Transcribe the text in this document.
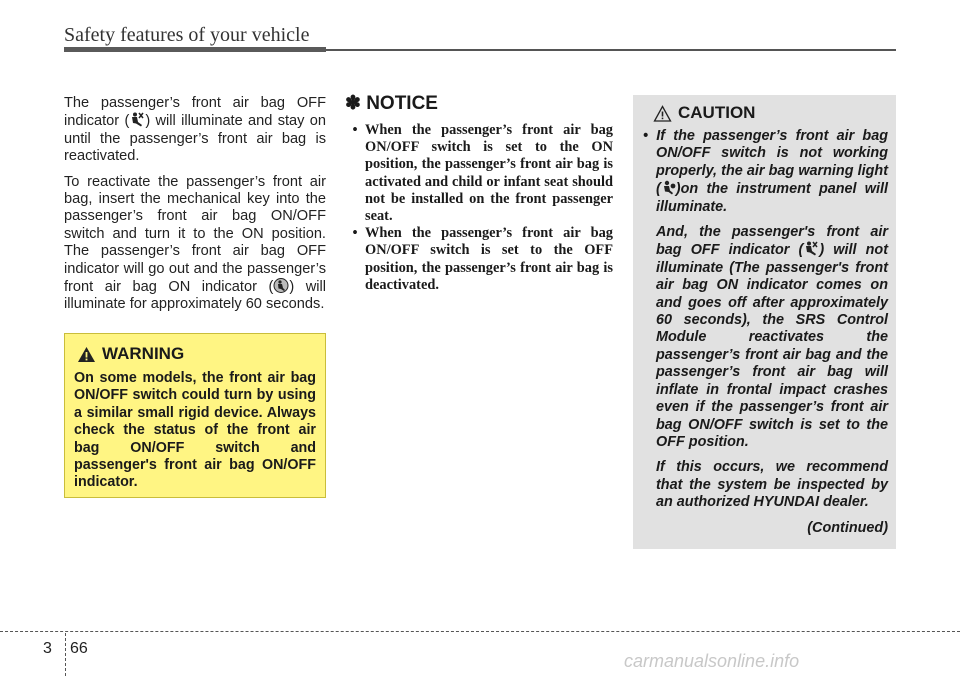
Safety features of your vehicle

The passenger’s front air bag OFF indicator ( ) will illuminate and stay on until the passenger’s front air bag is reactivated.

To reactivate the passenger’s front air bag, insert the mechanical key into the passenger’s front air bag ON/OFF switch and turn it to the ON position. The passenger’s front air bag OFF indicator will go out and the passenger’s front air bag ON indicator ( ) will illuminate for approximately 60 seconds.

WARNING
On some models, the front air bag ON/OFF switch could turn by using a similar small rigid device. Always check the status of the front air bag ON/OFF switch and passenger's front air bag ON/OFF indicator.
✽ NOTICE
• When the passenger’s front air bag ON/OFF switch is set to the ON position, the passenger’s front air bag is activated and child or infant seat should not be installed on the front passenger seat.
• When the passenger’s front air bag ON/OFF switch is set to the OFF position, the passenger’s front air bag is deactivated.
CAUTION

• If the passenger’s front air bag ON/OFF switch is not working properly, the air bag warning light ( )on the instrument panel will illuminate.

And, the passenger's front air bag OFF indicator ( ) will not illuminate (The passenger's front air bag ON indicator comes on and goes off after approximately 60 seconds), the SRS Control Module reactivates the passenger’s front air bag and the passenger’s front air bag will inflate in frontal impact crashes even if the passenger’s front air bag ON/OFF switch is set to the OFF position.

If this occurs, we recommend that the system be inspected by an authorized HYUNDAI dealer.

(Continued)

3 66
carmanualsonline.info
